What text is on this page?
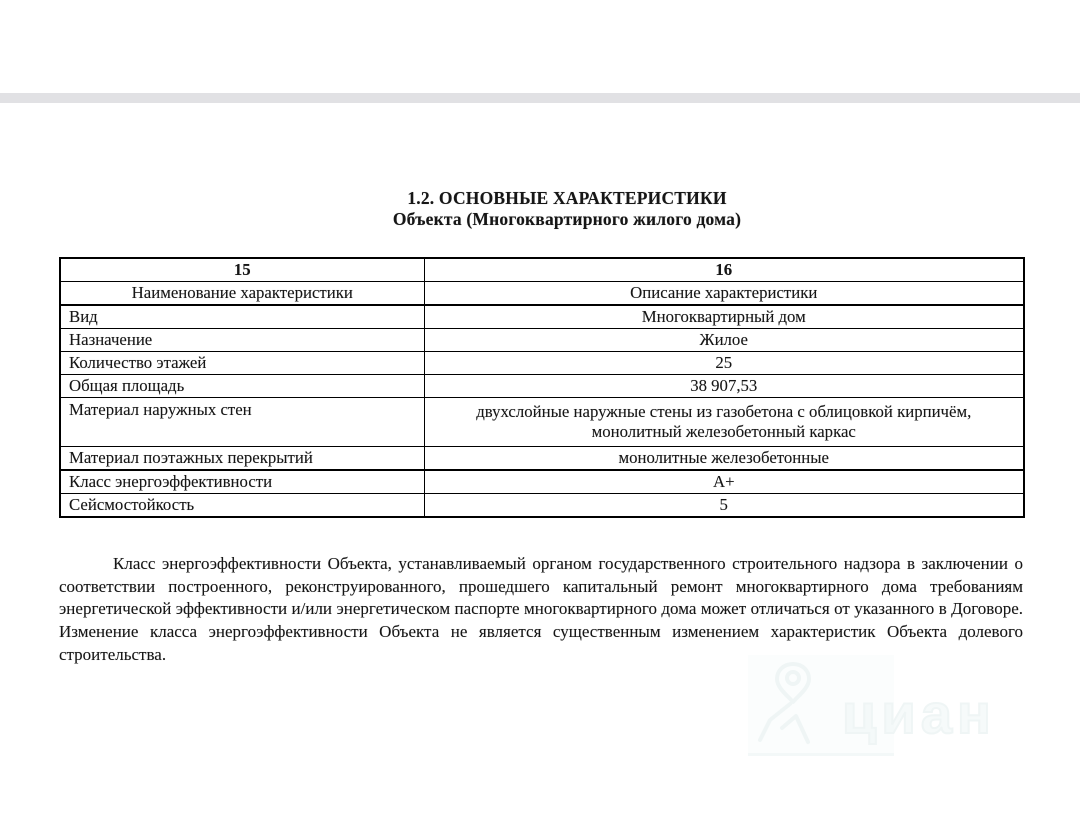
1.2. ОСНОВНЫЕ ХАРАКТЕРИСТИКИ
Объекта (Многоквартирного жилого дома)
15	16
Наименование характеристики	Описание характеристики
Вид	Многоквартирный дом
Назначение	Жилое
Количество этажей	25
Общая площадь	38 907,53
Материал наружных стен	двухслойные наружные стены из газобетона с облицовкой кирпичём, монолитный железобетонный каркас
Материал поэтажных перекрытий	монолитные железобетонные
Класс энергоэффективности	A+
Сейсмостойкость	5

Класс энергоэффективности Объекта, устанавливаемый органом государственного строительного надзора в заключении о соответствии построенного, реконструированного, прошедшего капитальный ремонт многоквартирного дома требованиям энергетической эффективности и/или энергетическом паспорте многоквартирного дома может отличаться от указанного в Договоре. Изменение класса энергоэффективности Объекта не является существенным изменением характеристик Объекта долевого строительства.

циан
